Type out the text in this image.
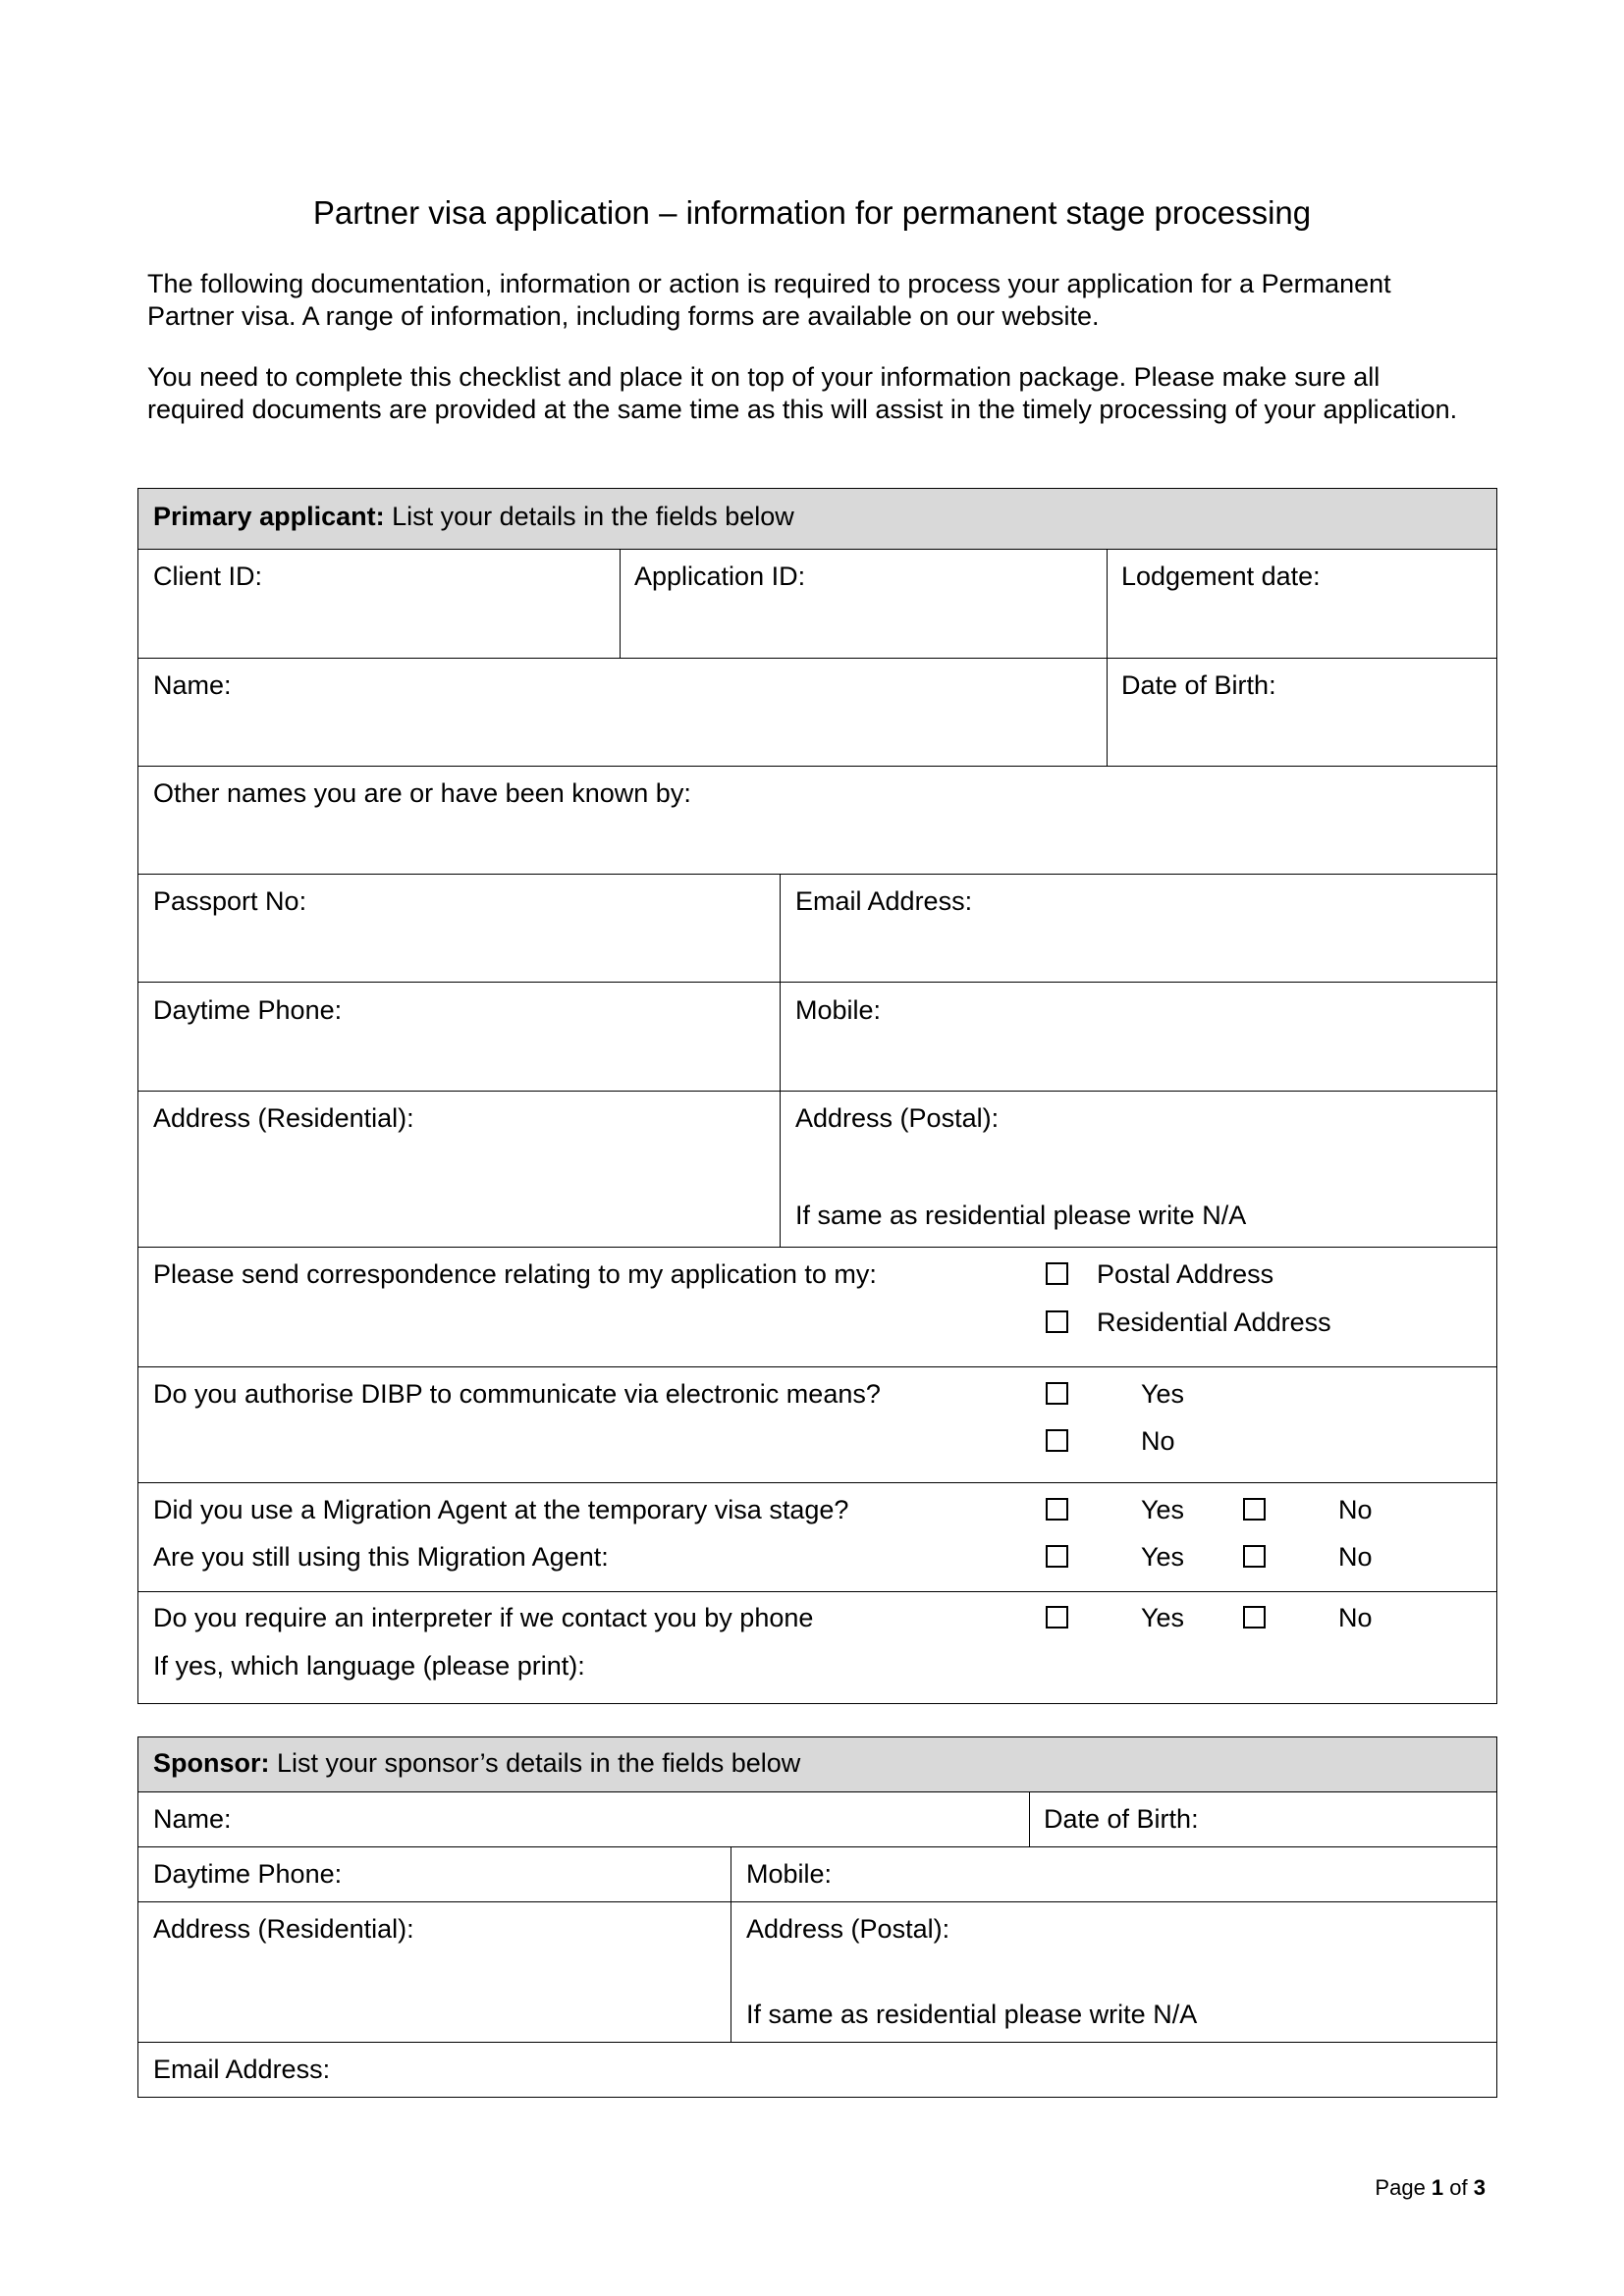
Partner visa application – information for permanent stage processing

The following documentation, information or action is required to process your application for a Permanent Partner visa. A range of information, including forms are available on our website.

You need to complete this checklist and place it on top of your information package. Please make sure all required documents are provided at the same time as this will assist in the timely processing of your application.

Primary applicant: List your details in the fields below
Client ID:	Application ID:	Lodgement date:
Name:	Date of Birth:
Other names you are or have been known by:
Passport No:	Email Address:
Daytime Phone:	Mobile:
Address (Residential):	Address (Postal):
If same as residential please write N/A
Please send correspondence relating to my application to my:	Postal Address
Residential Address
Do you authorise DIBP to communicate via electronic means?	Yes
No
Did you use a Migration Agent at the temporary visa stage?	Yes	No
Are you still using this Migration Agent:	Yes	No
Do you require an interpreter if we contact you by phone	Yes	No
If yes, which language (please print):
Sponsor: List your sponsor’s details in the fields below
Name:	Date of Birth:
Daytime Phone:	Mobile:
Address (Residential):	Address (Postal):
If same as residential please write N/A
Email Address:
Page 1 of 3
